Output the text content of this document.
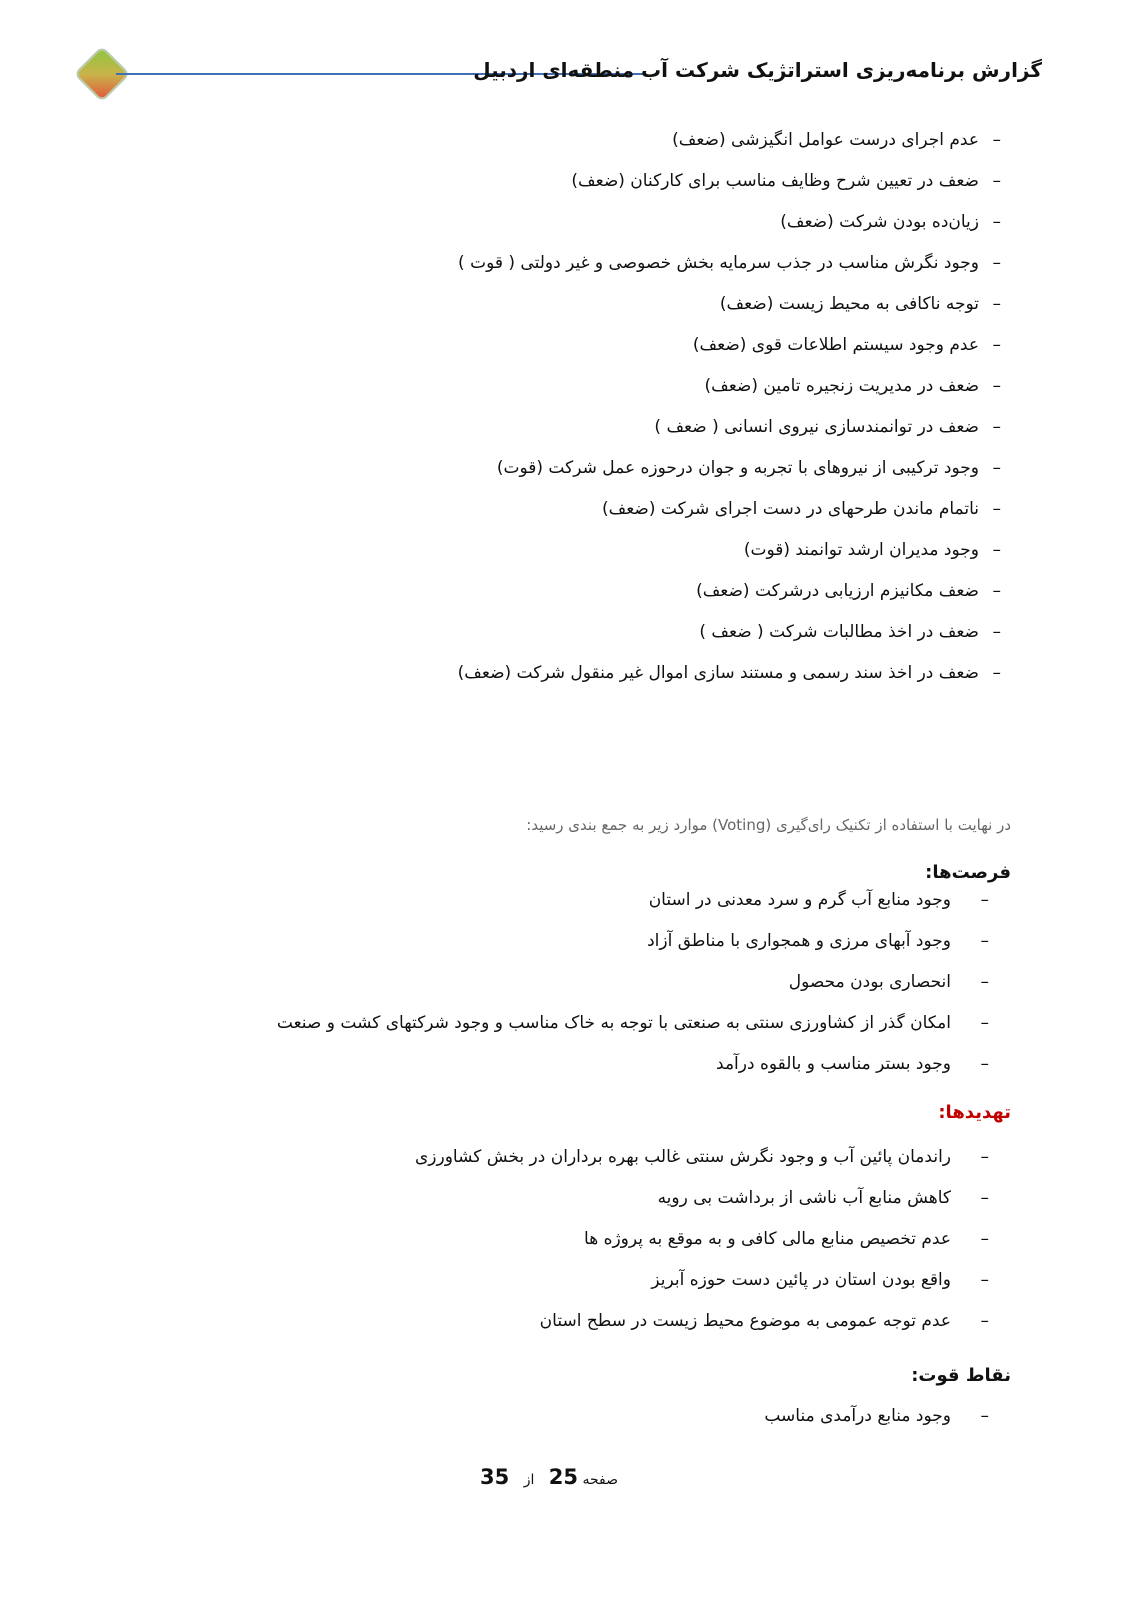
گزارش برنامه‌ریزی استراتژیک شرکت آب منطقه‌ای اردبیل
–عدم اجرای درست عوامل انگیزشی (ضعف)
–ضعف در تعیین شرح وظایف مناسب برای کارکنان (ضعف)
–زیان‌ده بودن شرکت (ضعف)
–وجود نگرش مناسب در جذب سرمایه بخش خصوصی و غیر دولتی ( قوت )
–توجه ناکافی به محیط زیست (ضعف)
–عدم وجود سیستم اطلاعات قوی (ضعف)
–ضعف در مدیریت زنجیره تامین (ضعف)
–ضعف در توانمندسازی نیروی انسانی ( ضعف )
–وجود ترکیبی از نیروهای با تجربه و جوان درحوزه عمل شرکت (قوت)
–ناتمام ماندن طرحهای در دست اجرای شرکت (ضعف)
–وجود مدیران ارشد توانمند (قوت)
–ضعف مکانیزم ارزیابی درشرکت (ضعف)
–ضعف در اخذ مطالبات شرکت ( ضعف )
–ضعف در اخذ سند رسمی و مستند سازی اموال غیر منقول شرکت (ضعف)
در نهایت با استفاده از تکنیک رای‌گیری (Voting) موارد زیر به جمع بندی رسید:
فرصت‌ها:
–
وجود منابع آب گرم و سرد معدنی در استان
–
وجود آبهای مرزی و همجواری با مناطق آزاد
–
انحصاری بودن محصول
–
امکان گذر از کشاورزی سنتی به صنعتی با توجه به خاک مناسب و وجود شرکتهای کشت و صنعت
–
وجود بستر مناسب و بالقوه درآمد
تهدیدها:
–
راندمان پائین آب و وجود نگرش سنتی غالب بهره برداران در بخش کشاورزی
–
کاهش منابع آب ناشی از برداشت بی رویه
–
عدم تخصیص منابع مالی کافی و به موقع به پروژه ها
–
واقع بودن استان در پائین دست حوزه آبریز
–
عدم توجه عمومی به موضوع محیط زیست در سطح استان
نقاط قوت:
–
وجود منابع درآمدی مناسب
صفحه 25 از 35
